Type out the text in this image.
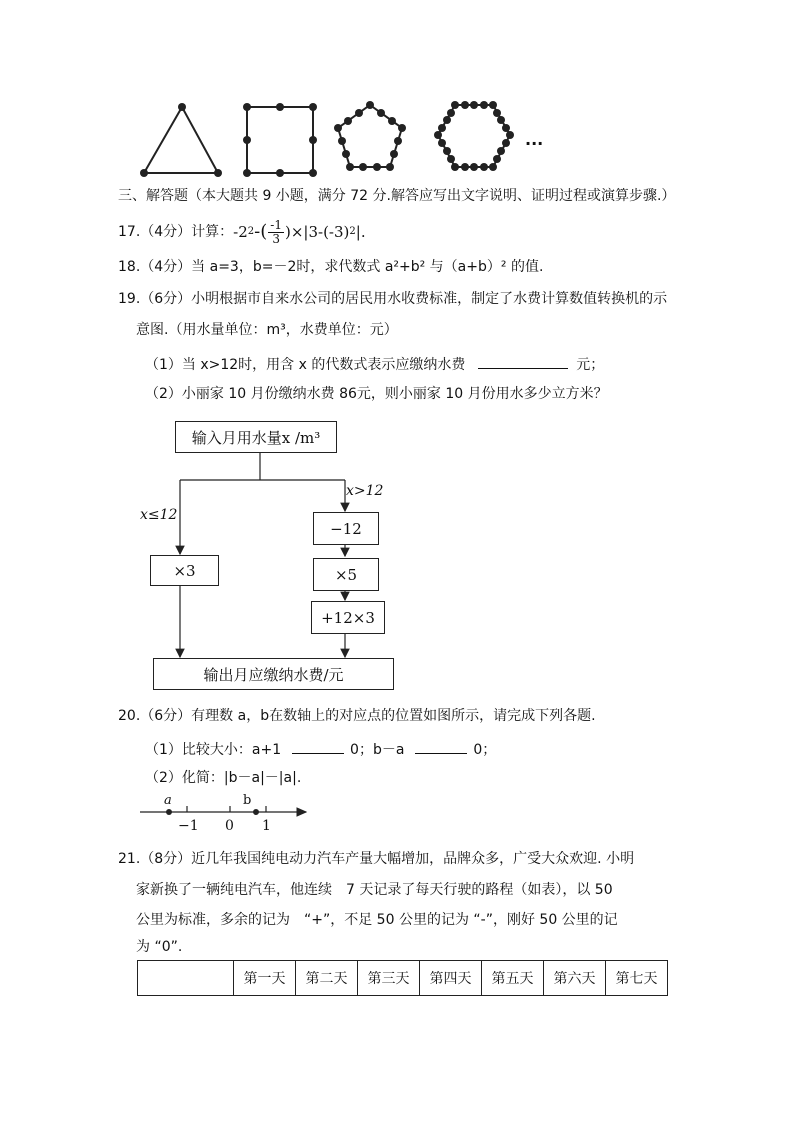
...
三、解答题（本大题共 9 小题，满分 72 分.解答应写出文字说明、证明过程或演算步骤.）
17.（4分）计算： -2 2 -( $\frac{-1}{3} )\times|3-(-3)$ 2 |.
18.（4分）当 a=3，b=－2时，求代数式 a²+b² 与（a+b）² 的值.
19.（6分）小明根据市自来水公司的居民用水收费标准，制定了水费计算数值转换机的示
意图.（用水量单位：m³，水费单位：元）
（1）当 x>12时，用含 x 的代数式表示应缴纳水费	元；
（2）小丽家 10 月份缴纳水费 86元，则小丽家 10 月份用水多少立方米？
输入月用水量x /m³
x≤12
x>12
×3
−12
×5
+12×3
输出月应缴纳水费/元
20.（6分）有理数 a，b在数轴上的对应点的位置如图所示，请完成下列各题.
（1）比较大小：a+1	0；b－a	0；
（2）化简：|b－a|－|a|.
a	b
−1 0 1
21.（8分）近几年我国纯电动力汽车产量大幅增加，品牌众多，广受大众欢迎. 小明
家新换了一辆纯电汽车，他连续　7 天记录了每天行驶的路程（如表），以 50
公里为标准，多余的记为　“+”，不足 50 公里的记为 “-”，刚好 50 公里的记
为 “0”.
	第一天	第二天	第三天	第四天	第五天	第六天	第七天
